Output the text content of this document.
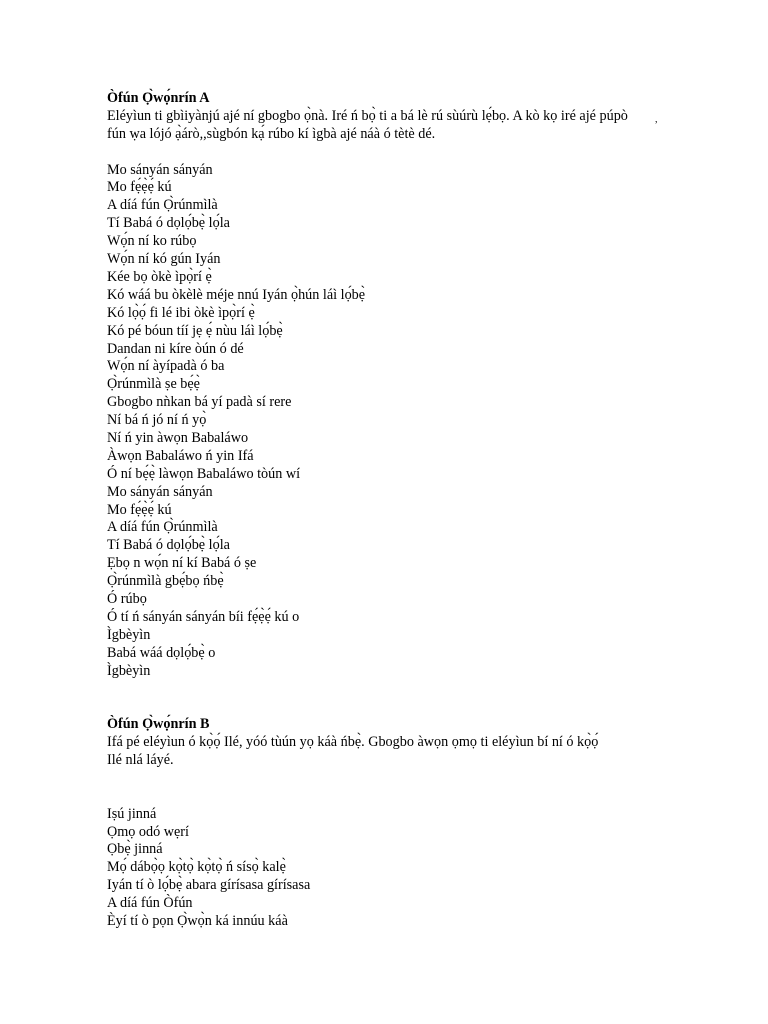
,
Òfún Ọ̀wọ́nrín A
Eléyìun ti gbìiyànjú ajé ní gbogbo ọ̀nà. Iré ń bọ̀ ti a bá lè rú sùúrù lẹ́bọ. A kò kọ iré ajé púpò fún ẉa lójó ạ̀árò,,sùgbón kạ́ rúbo kí ìgbà ajé náà ó tètè dé.
Mo sányán sányán
Mo fẹ́ẹ̀ẹ́ kú
A díá fún Ọ̀rúnmìlà
Tí Babá ó dọlọ́bẹ̀ lọ́la
Wọ́n ní ko rúbọ
Wọ́n ní kó gún Iyán
Kée bọ òkè ìpọ̀rí ẹ̀
Kó wáá bu òkèlè méje nnú Iyán ọ̀hún láì lọ́bẹ̀
Kó lọ̀ọ́ fi lé ibi òkè ìpọ̀rí ẹ̀
Kó pé bóun tíí jẹ ẹ́ nùu láì lọ́bẹ̀
Dandan ni kíre òún ó dé
Wọ́n ní àyípadà ó ba
Ọ̀rúnmìlà ṣe bẹ́ẹ̀
Gbogbo nǹkan bá yí padà sí rere
Ní bá ń jó ní ń yọ̀
Ní ń yin àwọn Babaláwo
Àwọn Babaláwo ń yin Ifá
Ó ní bẹ́ẹ̀ làwọn Babaláwo tòún wí
Mo sányán sányán
Mo fẹ́ẹ̀ẹ́ kú
A díá fún Ọ̀rúnmìlà
Tí Babá ó dọlọ́bẹ̀ lọ́la
Ẹbọ n wọ́n ní kí Babá ó ṣe
Ọ̀rúnmìlà gbẹ́bọ ńbẹ̀
Ó rúbọ
Ó tí ń sányán sányán bíi fẹ́ẹ̀ẹ́ kú o
Ìgbèyìn
Babá wáá dọlọ́bẹ̀ o
Ìgbèyìn
Òfún Ọ̀wọ́nrín B
Ifá pé eléyìun ó kọ̀ọ́ Ilé, yóó tùún yọ káà ńbẹ̀. Gbogbo àwọn ọmọ ti eléyìun bí ní ó kọ̀ọ́
Ilé nlá láyé.
Iṣú jinná
Ọmọ odó wẹrí
Ọbẹ̀ jinná
Mọ́ dábọ̀ọ kọ̀tọ̀ kọ̀tọ̀ ń sísọ̀ kalẹ̀
Iyán tí ò lọ́bẹ̀ abara gírísasa gírísasa
A díá fún Òfún
Èyí tí ò pọn Ọ̀wọ̀n ká innúu káà
